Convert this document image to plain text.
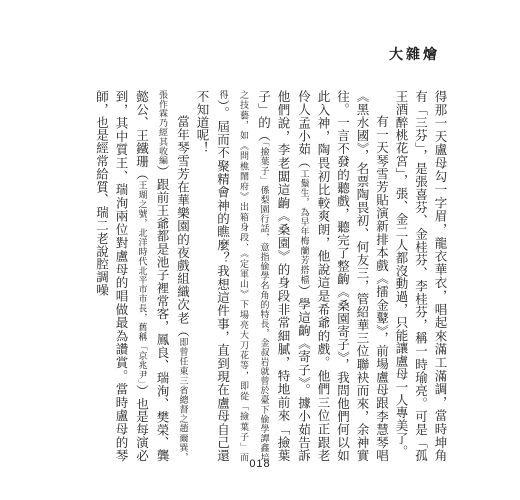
大雜燴

得那一天盧母勾一字眉，龍衣華衣，唱起來滿工滿調，當時坤角有「三芬」，是張喜芬、金桂芬、李桂芬，稱一時瑜亮。可是「孤王酒醉桃花宮」，張、金二人都沒動過，只能讓盧母一人專美了。

有一天琴雪芳貼演新排本戲《擂金鼙》，前場盧母跟李慧琴唱《黑水國》，名票陶畏初、何友三，管紹華三位聯袂而來，余神實往。一言不發的聽戲，聽完了整齣《桑園寄子》，我問他們何以如此入神，陶畏初比較爽朗，他說這是希爺的戲。他們三位正跟老伶人孟小茹（工鬚生，為早年梅蘭芳搭檔）學這齣《寄子》。據小茹告訴他們說，李老闆這齣《桑園》的身段非常細膩，特地前來「撿葉子」的（「撿葉子」係梨園行話，意指偷學名角的特長，金叔岩就曾於臺下偷學譚鑫培之技藝，如《問樵鬧府》出箱身段、《定軍山》下場亮大刀花等，即從「撿葉子」而得）。屆而不聚精會神的瞧麼？我想這件事，直到現在盧母自己還不知道呢！

當年琴雪芳在華樂園的夜戲組織次老（即曾任東三省總督之趙爾巽，張作霖乃經其收編）跟前王爺都是池子裡常客，鳳良、瑞洵、樊榮、龔懿公、王鐵珊（王瑚之號，北洋時代北平市市長，舊稱「京兆尹」）也是每演必到，其中質王、瑞洵兩位對盧母的唱做最為讚賞。當時盧母的琴師，也是經常給質、瑞二老說腔調噪

018
